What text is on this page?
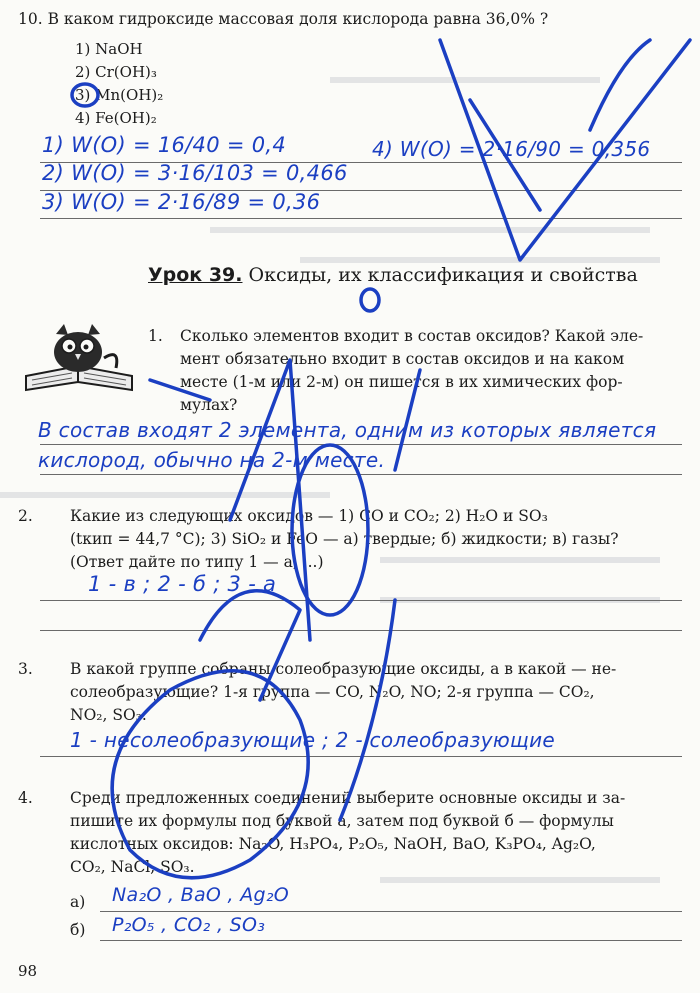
10. В каком гидроксиде массовая доля кислорода равна 36,0% ?
1) NaOH
2) Cr(OH)₃
3) Mn(OH)₂
4) Fe(OH)₂
1) W(O) = 16/40 = 0,4
2) W(O) = 3·16/103 = 0,466
3) W(O) = 2·16/89 = 0,36
4) W(O) = 2·16/90 = 0,356
Урок 39. Оксиды, их классификация и свойства
1. Сколько элементов входит в состав оксидов? Какой эле-
мент обязательно входит в состав оксидов и на каком
месте (1-м или 2-м) он пишется в их химических фор-
мулах?
В состав входят 2 элемента, одним из которых является
кислород, обычно на 2-м месте.
2. Какие из следующих оксидов — 1) CO и CO₂; 2) H₂O и SO₃
(tкип = 44,7 °C); 3) SiO₂ и FeO — а) твердые; б) жидкости; в) газы?
(Ответ дайте по типу 1 — а, ...)
1 - в ; 2 - б ; 3 - а
3. В какой группе собраны солеобразующие оксиды, а в какой — не-
солеобразующие? 1-я группа — CO, N₂O, NO; 2-я группа — CO₂,
NO₂, SO₃.
1 - несолеобразующие ; 2 - солеобразующие
4. Среди предложенных соединений выберите основные оксиды и за-
пишите их формулы под буквой а, затем под буквой б — формулы
кислотных оксидов: Na₂O, H₃PO₄, P₂O₅, NaOH, BaO, K₃PO₄, Ag₂O,
CO₂, NaCl, SO₃.
а) Na₂O , BaO , Ag₂O
б) P₂O₅ , CO₂ , SO₃
98
